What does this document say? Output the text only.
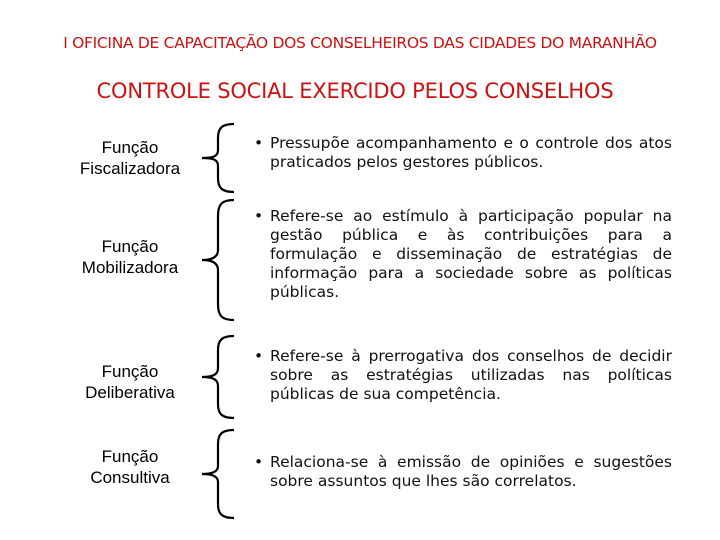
I OFICINA DE CAPACITAÇÃO DOS CONSELHEIROS DAS CIDADES DO MARANHÃO
CONTROLE SOCIAL EXERCIDO PELOS CONSELHOS
Função
Fiscalizadora
• Pressupõe acompanhamento e o controle dos atos praticados pelos gestores públicos.
Função
Mobilizadora
• Refere-se ao estímulo à participação popular na gestão pública e às contribuições para a formulação e disseminação de estratégias de informação para a sociedade sobre as políticas públicas.
Função
Deliberativa
• Refere-se à prerrogativa dos conselhos de decidir sobre as estratégias utilizadas nas políticas públicas de sua competência.
Função
Consultiva
• Relaciona-se à emissão de opiniões e sugestões sobre assuntos que lhes são correlatos.
